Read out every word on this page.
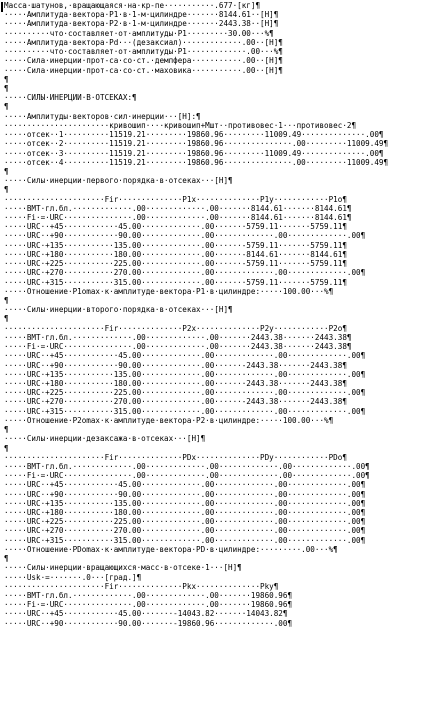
Масса·шатунов,·вращающаяся·на·кр-пе···········.677·[кг]¶
·····Амплитуда·вектора·P1·в·1-м·цилиндре·······8144.61··[Н]¶
·····Амплитуда·вектора·P2·в·1-м·цилиндре·······2443.38··[Н]¶
··········что·составляет·от·амплитуды·P1·········30.00···%¶
·····Амплитуда·вектора·Pd···(дезаксиал)·············.00··[Н]¶
··········что·составляет·от·амплитуды·P1·············.00···%¶
·····Сила·инерции·прот-са·со·ст.·демпфера···········.00··[Н]¶
·····Сила·инерции·прот-са·со·ст.·маховика···········.00··[Н]¶
¶
¶
·····СИЛЫ·ИНЕРЦИИ·В·ОТСЕКАХ:¶
¶
·····Амплитуды·векторов·сил·инерции···[Н]:¶
·······················кривошип····кривошип+Mшт··противовес·1···противовес·2¶
·····отсек··1··········11519.21·········19860.96·········11009.49··············.00¶
·····отсек··2··········11519.21·········19860.96···············.00·········11009.49¶
·····отсек··3··········11519.21·········19860.96·········11009.49··············.00¶
·····отсек··4··········11519.21·········19860.96···············.00·········11009.49¶
¶
·····Силы·инерции·первого·порядка·в·отсеках···[Н]¶
¶
······················Fir··············P1x··············P1y············P1o¶
·····ВМТ·гл.бл.·············.00·············.00·······8144.61·······8144.61¶
·····Fi·=·URC···············.00·············.00·······8144.61·······8144.61¶
·····URC··+45············45.00·············.00·······5759.11·······5759.11¶
·····URC··+90············90.00·············.00·············.00·············.00¶
·····URC·+135···········135.00·············.00······-5759.11·······5759.11¶
·····URC·+180···········180.00·············.00······-8144.61·······8144.61¶
·····URC·+225···········225.00·············.00······-5759.11·······5759.11¶
·····URC·+270···········270.00·············.00·············.00·············.00¶
·····URC·+315···········315.00·············.00·······5759.11·······5759.11¶
·····Отношение·P1omax·к·амплитуде·вектора·P1·в·цилиндре:·····100.00···%¶
¶
·····Силы·инерции·второго·порядка·в·отсеках···[Н]¶
¶
······················Fir··············P2x··············P2y············P2o¶
·····ВМТ·гл.бл.·············.00·············.00·······2443.38·······2443.38¶
·····Fi·=·URC···············.00·············.00·······2443.38·······2443.38¶
·····URC··+45············45.00·············.00·············.00·············.00¶
·····URC··+90············90.00·············.00······-2443.38·······2443.38¶
·····URC·+135···········135.00·············.00·············.00·············.00¶
·····URC·+180···········180.00·············.00·······2443.38·······2443.38¶
·····URC·+225···········225.00·············.00·············.00·············.00¶
·····URC·+270···········270.00·············.00······-2443.38·······2443.38¶
·····URC·+315···········315.00·············.00·············.00·············.00¶
·····Отношение·P2omax·к·амплитуде·вектора·P2·в·цилиндре:·····100.00···%¶
¶
·····Силы·инерции·дезаксажа·в·отсеках···[Н]¶
¶
······················Fir··············PDx··············PDy············PDo¶
·····ВМТ·гл.бл.·············.00·············.00·············.00·············.00¶
·····Fi·=·URC···············.00·············.00·············.00·············.00¶
·····URC··+45············45.00·············.00·············.00·············.00¶
·····URC··+90············90.00·············.00·············.00·············.00¶
·····URC·+135···········135.00·············.00·············.00·············.00¶
·····URC·+180···········180.00·············.00·············.00·············.00¶
·····URC·+225···········225.00·············.00·············.00·············.00¶
·····URC·+270···········270.00·············.00·············.00·············.00¶
·····URC·+315···········315.00·············.00·············.00·············.00¶
·····Отношение·PDomax·к·амплитуде·вектора·PD·в·цилиндре:·········.00···%¶
¶
·····Силы·инерции·вращающихся·масс·в·отсеке·1···[Н]¶
·····Usk·=·······.0···[град.]¶
······················Fir··············Pkx··············Pky¶
·····ВМТ·гл.бл.·············.00·············.00·······19860.96¶
·····Fi·=·URC···············.00·············.00·······19860.96¶
·····URC··+45············45.00·······-14043.82·······14043.82¶
·····URC··+90············90.00·······-19860.96·············.00¶
